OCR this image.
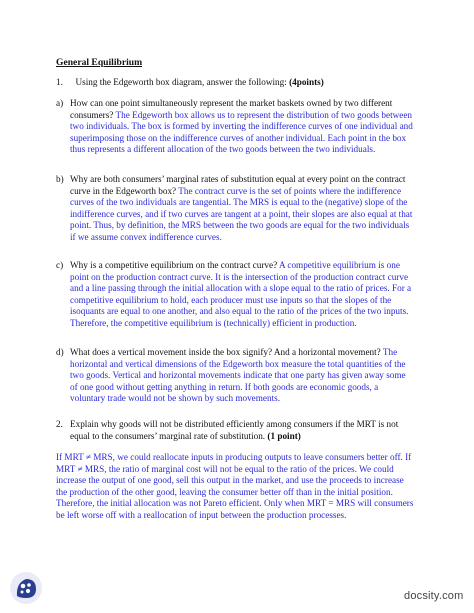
General Equilibrium
1. Using the Edgeworth box diagram, answer the following: (4points)
a) How can one point simultaneously represent the market baskets owned by two different
consumers? The Edgeworth box allows us to represent the distribution of two goods between
two individuals. The box is formed by inverting the indifference curves of one individual and
superimposing those on the indifference curves of another individual. Each point in the box
thus represents a different allocation of the two goods between the two individuals.
b) Why are both consumers’ marginal rates of substitution equal at every point on the contract
curve in the Edgeworth box? The contract curve is the set of points where the indifference
curves of the two individuals are tangential. The MRS is equal to the (negative) slope of the
indifference curves, and if two curves are tangent at a point, their slopes are also equal at that
point. Thus, by definition, the MRS between the two goods are equal for the two individuals
if we assume convex indifference curves.
c) Why is a competitive equilibrium on the contract curve? A competitive equilibrium is one
point on the production contract curve. It is the intersection of the production contract curve
and a line passing through the initial allocation with a slope equal to the ratio of prices. For a
competitive equilibrium to hold, each producer must use inputs so that the slopes of the
isoquants are equal to one another, and also equal to the ratio of the prices of the two inputs.
Therefore, the competitive equilibrium is (technically) efficient in production.
d) What does a vertical movement inside the box signify? And a horizontal movement? The
horizontal and vertical dimensions of the Edgeworth box measure the total quantities of the
two goods. Vertical and horizontal movements indicate that one party has given away some
of one good without getting anything in return. If both goods are economic goods, a
voluntary trade would not be shown by such movements.
2. Explain why goods will not be distributed efficiently among consumers if the MRT is not
equal to the consumers’ marginal rate of substitution. (1 point)
If MRT ≠ MRS, we could reallocate inputs in producing outputs to leave consumers better off. If
MRT ≠ MRS, the ratio of marginal cost will not be equal to the ratio of the prices. We could
increase the output of one good, sell this output in the market, and use the proceeds to increase
the production of the other good, leaving the consumer better off than in the initial position.
Therefore, the initial allocation was not Pareto efficient. Only when MRT = MRS will consumers
be left worse off with a reallocation of input between the production processes.
docsity.com
